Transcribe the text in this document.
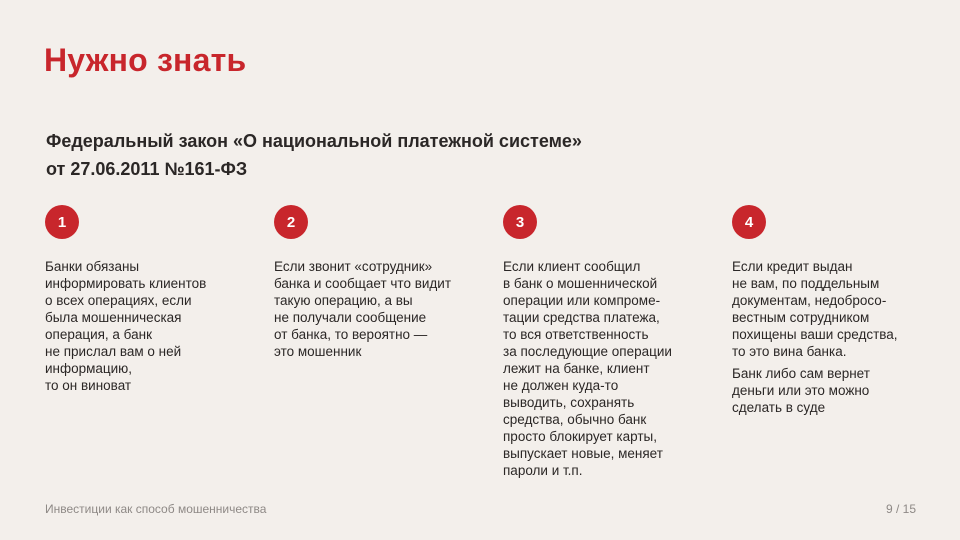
Нужно знать
Федеральный закон «О национальной платежной системе»
от 27.06.2011 №161-ФЗ
1
Банки обязаны
информировать клиентов
о всех операциях, если
была мошенническая
операция, а банк
не прислал вам о ней
информацию,
то он виноват
2
Если звонит «сотрудник»
банка и сообщает что видит
такую операцию, а вы
не получали сообщение
от банка, то вероятно —
это мошенник
3
Если клиент сообщил
в банк о мошеннической
операции или компроме-
тации средства платежа,
то вся ответственность
за последующие операции
лежит на банке, клиент
не должен куда-то
выводить, сохранять
средства, обычно банк
просто блокирует карты,
выпускает новые, меняет
пароли и т.п.
4
Если кредит выдан
не вам, по поддельным
документам, недобросо-
вестным сотрудником
похищены ваши средства,
то это вина банка.
Банк либо сам вернет
деньги или это можно
сделать в суде
Инвестиции как способ мошенничества	9 / 15
